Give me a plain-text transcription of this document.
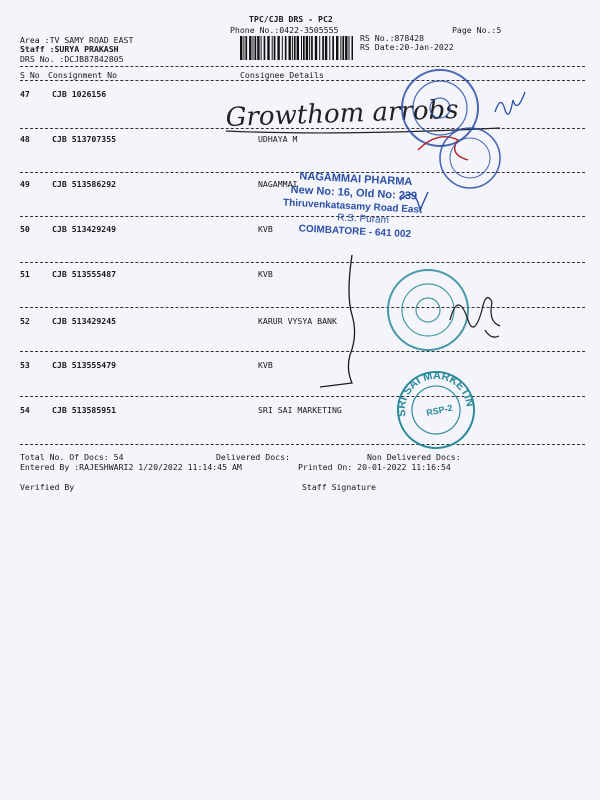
TPC/CJB DRS - PC2
Phone No.:0422-3505555	Page No.:5
Area :TV SAMY ROAD EAST
Staff :SURYA PRAKASH
DRS No. :DCJB87842805
RS No.:878428
RS Date:20-Jan-2022
S No Consignment No	Consignee Details
47	CJB 1026156
48	CJB 513707355	UDHAYA M
49	CJB 513586292	NAGAMMAI
50	CJB 513429249	KVB
51	CJB 513555487	KVB
52	CJB 513429245	KARUR VYSYA BANK
53	CJB 513555479	KVB
54	CJB 513585951	SRI SAI MARKETING
Total No. Of Docs: 54	Delivered Docs:	Non Delivered Docs:
Entered By :RAJESHWARI2 1/20/2022 11:14:45 AM	Printed On: 20-01-2022 11:16:54
Verified By	Staff Signature
Growthom arrobs
NAGAMMAI PHARMA
New No: 16, Old No: 239
Thiruvenkatasamy Road East
R.S. Puram
COIMBATORE - 641 002
SRI SAI MARKETING
RSP-2
